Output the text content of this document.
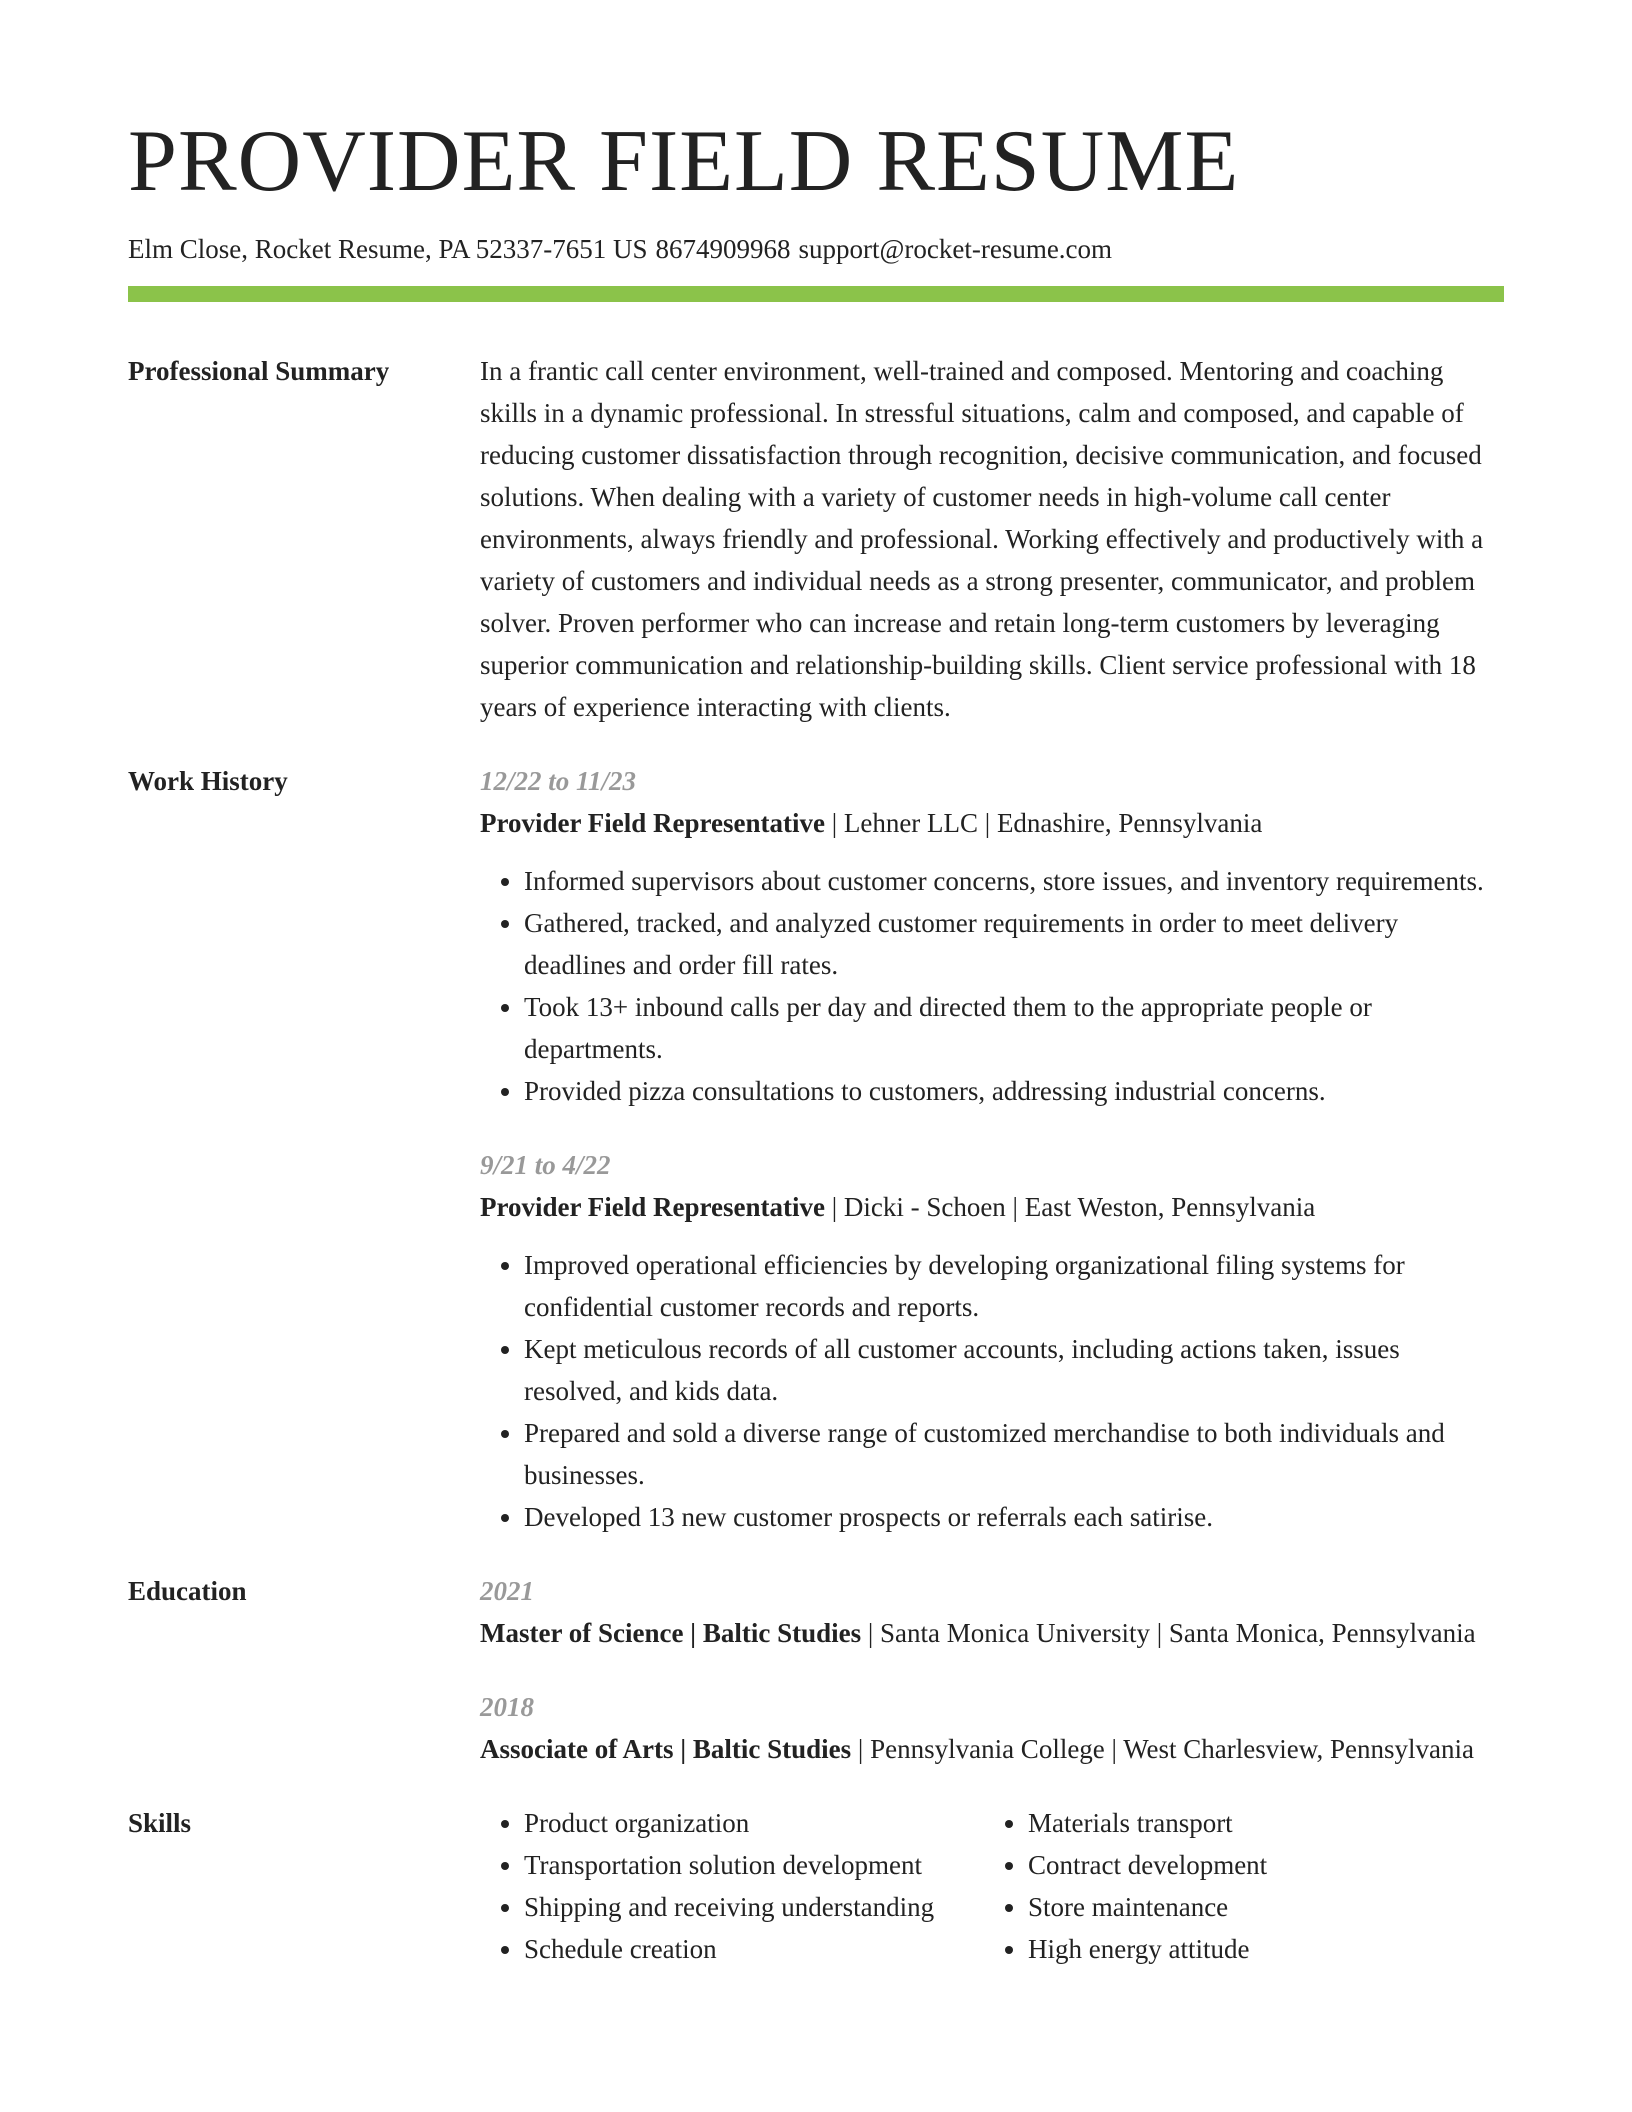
PROVIDER FIELD RESUME
Elm Close, Rocket Resume, PA 52337-7651 US 8674909968 support@rocket-resume.com
Professional Summary	In a frantic call center environment, well-trained and composed. Mentoring and coaching skills in a dynamic professional. In stressful situations, calm and composed, and capable of reducing customer dissatisfaction through recognition, decisive communication, and focused solutions. When dealing with a variety of customer needs in high-volume call center environments, always friendly and professional. Working effectively and productively with a variety of customers and individual needs as a strong presenter, communicator, and problem solver. Proven performer who can increase and retain long-term customers by leveraging superior communication and relationship-building skills. Client service professional with 18 years of experience interacting with clients.

Work History	12/22 to 11/23
Provider Field Representative | Lehner LLC | Ednashire, Pennsylvania
• Informed supervisors about customer concerns, store issues, and inventory requirements.
• Gathered, tracked, and analyzed customer requirements in order to meet delivery deadlines and order fill rates.
• Took 13+ inbound calls per day and directed them to the appropriate people or departments.
• Provided pizza consultations to customers, addressing industrial concerns.
9/21 to 4/22
Provider Field Representative | Dicki - Schoen | East Weston, Pennsylvania
• Improved operational efficiencies by developing organizational filing systems for confidential customer records and reports.
• Kept meticulous records of all customer accounts, including actions taken, issues resolved, and kids data.
• Prepared and sold a diverse range of customized merchandise to both individuals and businesses.
• Developed 13 new customer prospects or referrals each satirise.
Education	2021
Master of Science | Baltic Studies | Santa Monica University | Santa Monica, Pennsylvania
2018
Associate of Arts | Baltic Studies | Pennsylvania College | West Charlesview, Pennsylvania
Skills
•	Product organization
• Transportation solution development
• Shipping and receiving understanding
• Schedule creation
• Materials transport
• Contract development
• Store maintenance
• High energy attitude
